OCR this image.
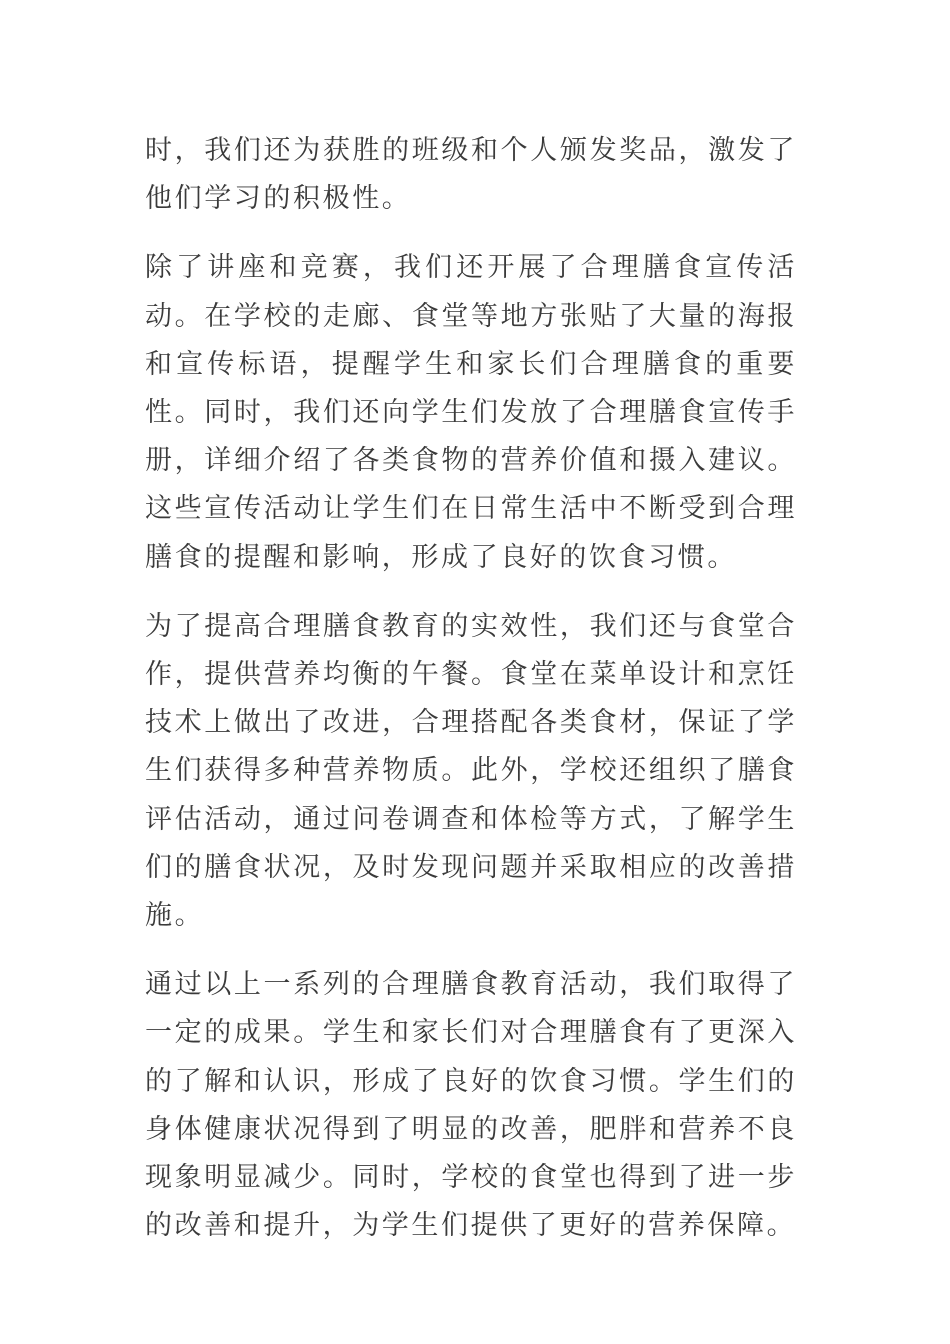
时，我们还为获胜的班级和个人颁发奖品，激发了他们学习的积极性。

除了讲座和竞赛，我们还开展了合理膳食宣传活动。在学校的走廊、食堂等地方张贴了大量的海报和宣传标语，提醒学生和家长们合理膳食的重要性。同时，我们还向学生们发放了合理膳食宣传手册，详细介绍了各类食物的营养价值和摄入建议。这些宣传活动让学生们在日常生活中不断受到合理膳食的提醒和影响，形成了良好的饮食习惯。

为了提高合理膳食教育的实效性，我们还与食堂合作，提供营养均衡的午餐。食堂在菜单设计和烹饪技术上做出了改进，合理搭配各类食材，保证了学生们获得多种营养物质。此外，学校还组织了膳食评估活动，通过问卷调查和体检等方式，了解学生们的膳食状况，及时发现问题并采取相应的改善措施。

通过以上一系列的合理膳食教育活动，我们取得了一定的成果。学生和家长们对合理膳食有了更深入的了解和认识，形成了良好的饮食习惯。学生们的身体健康状况得到了明显的改善，肥胖和营养不良现象明显减少。同时，学校的食堂也得到了进一步的改善和提升，为学生们提供了更好的营养保障。
